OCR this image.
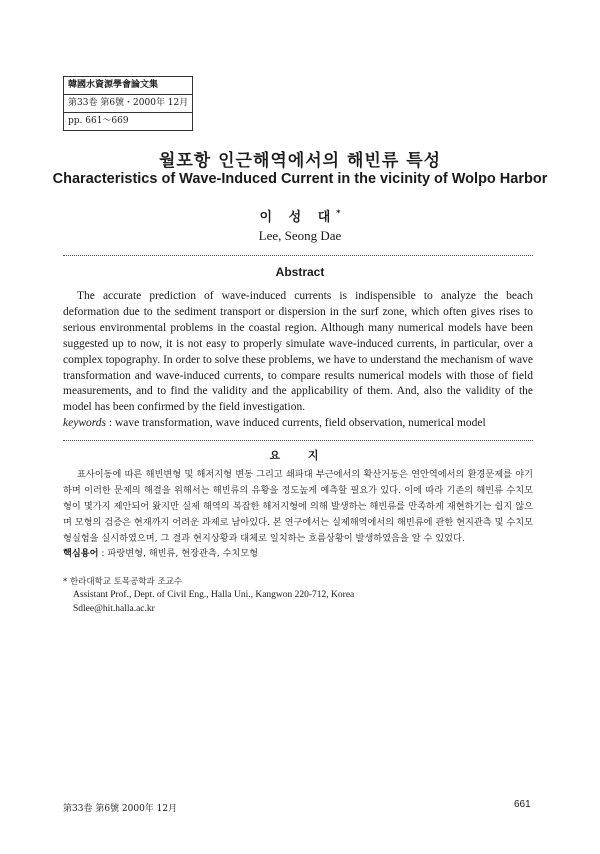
韓國水資源學會論文集
第33卷 第6號・2000年 12月
pp. 661～669
월포항 인근해역에서의 해빈류 특성
Characteristics of Wave-Induced Current in the vicinity of Wolpo Harbor
이 성 대*
Lee, Seong Dae
Abstract

The accurate prediction of wave-induced currents is indispensible to analyze the beach deformation due to the sediment transport or dispersion in the surf zone, which often gives rises to serious environmental problems in the coastal region. Although many numerical models have been suggested up to now, it is not easy to properly simulate wave-induced currents, in particular, over a complex topography. In order to solve these problems, we have to understand the mechanism of wave transformation and wave-induced currents, to compare results numerical models with those of field measurements, and to find the validity and the applicability of them. And, also the validity of the model has been confirmed by the field investigation.

keywords : wave transformation, wave induced currents, field observation, numerical model
요 지

표사이동에 따른 해빈변형 및 해저지형 변동 그리고 쇄파대 부근에서의 확산거동은 연안역에서의 환경문제를 야기하며 이러한 문제의 해결을 위해서는 해빈류의 유황을 정도높게 예측할 필요가 있다. 이에 따라 기존의 해빈류 수치모형이 몇가지 제안되어 왔지만 실제 해역의 복잡한 해저지형에 의해 발생하는 해빈류를 만족하게 재현하기는 쉽지 않으며 모형의 검증은 현재까지 어려운 과제로 남아있다. 본 연구에서는 실제해역에서의 해빈류에 관한 현지관측 및 수치모형실험을 실시하였으며, 그 결과 현지상황과 대체로 일치하는 흐름상황이 발생하였음을 알 수 있었다.

핵심용어 : 파랑변형, 해빈류, 현장관측, 수치모형
* 한라대학교 토목공학과 조교수
Assistant Prof., Dept. of Civil Eng., Halla Uni., Kangwon 220-712, Korea
Sdlee@hit.halla.ac.kr
第33卷 第6號 2000年 12月	661
